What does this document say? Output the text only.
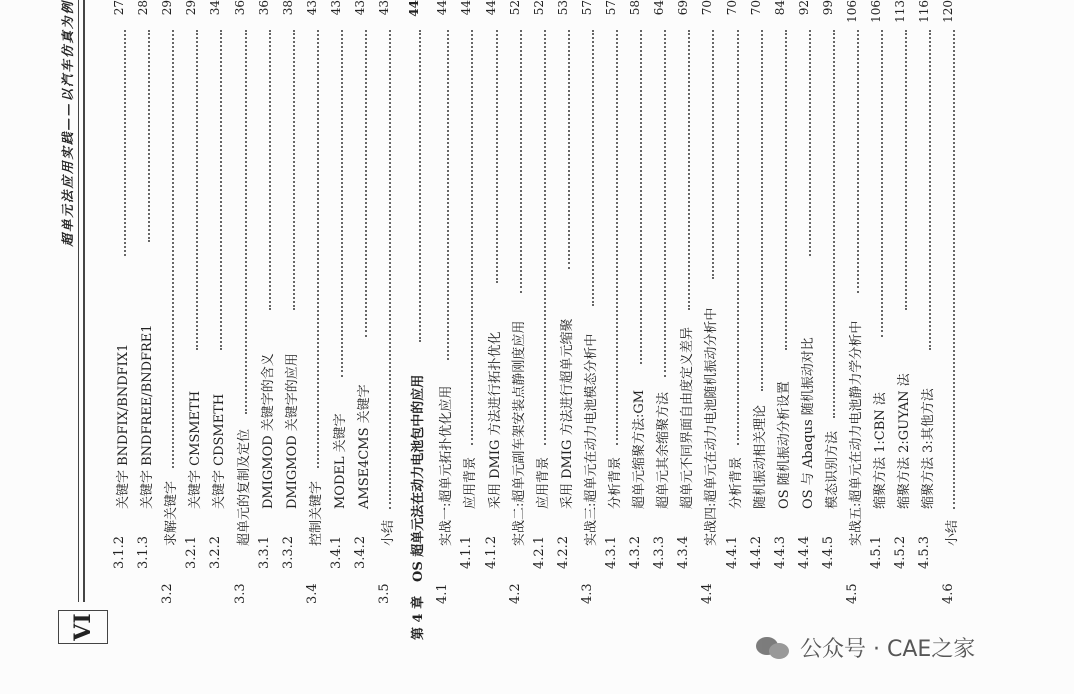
VI
超单元法应用实践——以汽车仿真为例
3.1.2
关键字 BNDFIX/BNDFIX1
27
3.1.3
关键字 BNDFREE/BNDFRE1
28
3.2
求解关键字
29
3.2.1
关键字 CMSMETH
29
3.2.2
关键字 CDSMETH
34
3.3
超单元的复制及定位
36
3.3.1
DMIGMOD 关键字的含义
36
3.3.2
DMIGMOD 关键字的应用
38
3.4
控制关键字
43
3.4.1
MODEL 关键字
43
3.4.2
AMSE4CMS 关键字
43
3.5
小结
43
第 4 章
OS 超单元法在动力电池包中的应用
44
4.1
实战一:超单元拓扑优化应用
44
4.1.1
应用背景
44
4.1.2
采用 DMIG 方法进行拓扑优化
44
4.2
实战二:超单元副车架安装点静刚度应用
52
4.2.1
应用背景
52
4.2.2
采用 DMIG 方法进行超单元缩聚
53
4.3
实战三:超单元在动力电池模态分析中
57
4.3.1
分析背景
57
4.3.2
超单元缩聚方法:GM
58
4.3.3
超单元其余缩聚方法
64
4.3.4
超单元不同界面自由度定义差异
69
4.4
实战四:超单元在动力电池随机振动分析中
70
4.4.1
分析背景
70
4.4.2
随机振动相关理论
70
4.4.3
OS 随机振动分析设置
84
4.4.4
OS 与 Abaqus 随机振动对比
92
4.4.5
模态识别方法
99
4.5
实战五:超单元在动力电池静力学分析中
106
4.5.1
缩聚方法 1:CBN 法
106
4.5.2
缩聚方法 2:GUYAN 法
113
4.5.3
缩聚方法 3:其他方法
116
4.6
小结
120
公众号 · CAE之家
